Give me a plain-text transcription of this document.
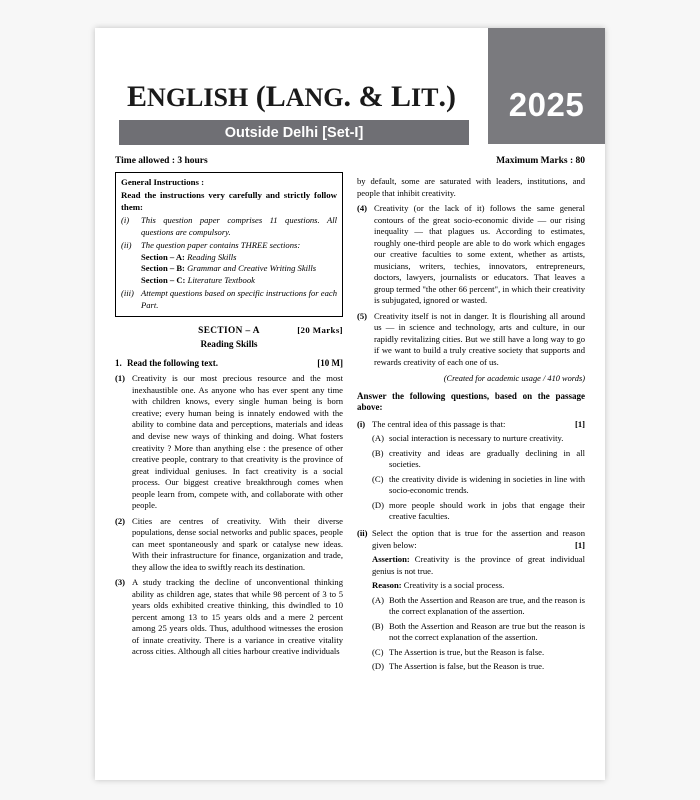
2025
ENGLISH (LANG. & LIT.)
Outside Delhi [Set-I]
Time allowed : 3 hours	Maximum Marks : 80
General Instructions :
Read the instructions very carefully and strictly follow them:
(i)	This question paper comprises 11 questions. All questions are compulsory.
(ii)	The question paper contains THREE sections:
Section – A: Reading Skills
Section – B: Grammar and Creative Writing Skills
Section – C: Literature Textbook
(iii) Attempt questions based on specific instructions for each Part.
SECTION – A	[20 Marks]
Reading Skills
[10 M]
1. Read the following text.
(1) Creativity is our most precious resource and the most inexhaustible one. As anyone who has ever spent any time with children knows, every single human being is born creative; every human being is innately endowed with the ability to combine data and perceptions, materials and ideas and devise new ways of thinking and doing. What fosters creativity ? More than anything else : the presence of other creative people, contrary to that creativity is the province of great individual geniuses. In fact creativity is a social process. Our biggest creative breakthrough comes when people learn from, compete with, and collaborate with other people.
(2) Cities are centres of creativity. With their diverse populations, dense social networks and public spaces, people can meet spontaneously and spark or catalyse new ideas. With their infrastructure for finance, organization and trade, they allow the idea to swiftly reach its destination.
(3) A study tracking the decline of unconventional thinking ability as children age, states that while 98 percent of 3 to 5 years olds exhibited creative thinking, this dwindled to 10 percent among 13 to 15 years olds and a mere 2 percent among 25 years olds. Thus, adulthood witnesses the erosion of innate creativity. There is a variance in creative vitality across cities. Although all cities harbour creative individuals
by default, some are saturated with leaders, institutions, and people that inhibit creativity.
(4) Creativity (or the lack of it) follows the same general contours of the great socio-economic divide — our rising inequality — that plagues us. According to estimates, roughly one-third people are able to do work which engages our creative faculties to some extent, whether as artists, musicians, writers, techies, innovators, entrepreneurs, doctors, lawyers, journalists or educators. That leaves a group termed "the other 66 percent", in which their creativity is subjugated, ignored or wasted.
(5) Creativity itself is not in danger. It is flourishing all around us — in science and technology, arts and culture, in our rapidly revitalizing cities. But we still have a long way to go if we want to build a truly creative society that supports and rewards creativity of each one of us.
(Created for academic usage / 410 words)
Answer the following questions, based on the passage above:
(i)	[1]
The central idea of this passage is that:
(A) social interaction is necessary to nurture creativity.
(B) creativity and ideas are gradually declining in all societies.
(C) the creativity divide is widening in societies in line with socio-economic trends.
(D) more people should work in jobs that engage their creative faculties.
(ii) Select the option that is true for the assertion and reason given below:	[1]
Assertion: Creativity is the province of great individual genius is not true.
Reason: Creativity is a social process.
(A) Both the Assertion and Reason are true, and the reason is the correct explanation of the assertion.
(B) Both the Assertion and Reason are true but the reason is not the correct explanation of the assertion.
(C) The Assertion is true, but the Reason is false.
(D) The Assertion is false, but the Reason is true.
